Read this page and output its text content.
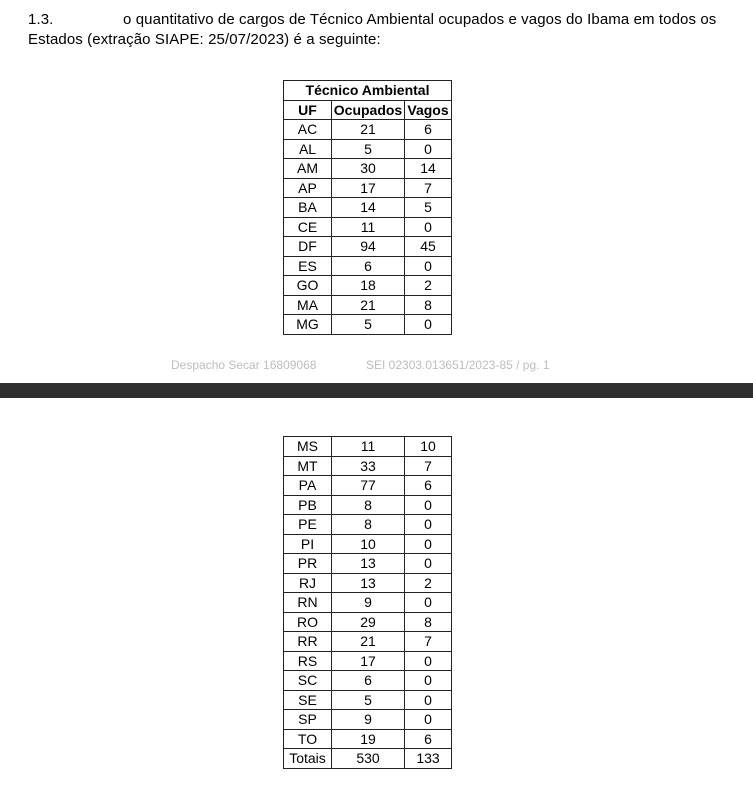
1.3.	o quantitativo de cargos de Técnico Ambiental ocupados e vagos do Ibama em todos os
Estados (extração SIAPE: 25/07/2023) é a seguinte:
Técnico Ambiental		
UF	Ocupados	Vagos
AC	21	6
AL	5	0
AM	30	14
AP	17	7
BA	14	5
CE	11	0
DF	94	45
ES	6	0
GO	18	2
MA	21	8
MG	5	0
Despacho Secar 16809068	SEI 02303.013651/2023-85 / pg. 1
MS	11	10
MT	33	7
PA	77	6
PB	8	0
PE	8	0
PI	10	0
PR	13	0
RJ	13	2
RN	9	0
RO	29	8
RR	21	7
RS	17	0
SC	6	0
SE	5	0
SP	9	0
TO	19	6
Totais	530	133
